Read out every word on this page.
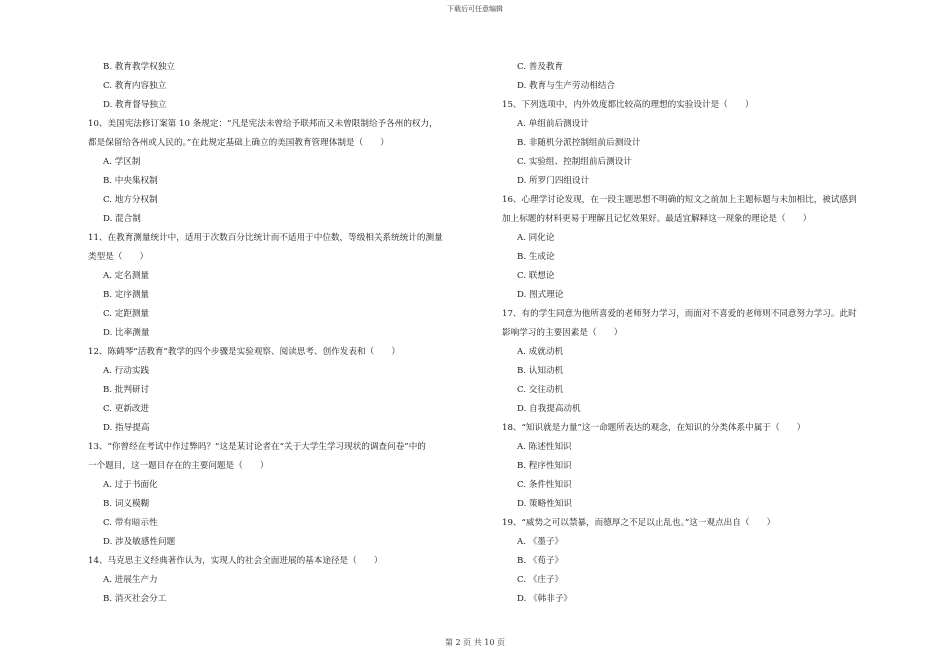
下载后可任意编辑
B. 教育教学权独立
C. 教育内容独立
D. 教育督导独立
10、美国宪法修订案第 10 条规定：“凡是宪法未曾给予联邦而又未曾限制给予各州的权力，
都是保留给各州或人民的。”在此规定基础上确立的美国教育管理体制是（　　）
A. 学区制
B. 中央集权制
C. 地方分权制
D. 混合制
11、在教育测量统计中，适用于次数百分比统计而不适用于中位数，等级相关系统统计的测量
类型是（　　）
A. 定名测量
B. 定序测量
C. 定距测量
D. 比率测量
12、陈鹤琴“活教育”教学的四个步骤是实验观察、阅读思考、创作发表和（　　）
A. 行动实践
B. 批判研讨
C. 更新改进
D. 指导提高
13、“你曾经在考试中作过弊吗？”这是某讨论者在“关于大学生学习现状的调查问卷”中的
一个题目，这一题目存在的主要问题是（　　）
A. 过于书面化
B. 词义模糊
C. 带有暗示性
D. 涉及敏感性问题
14、马克思主义经典著作认为，实现人的社会全面进展的基本途径是（　　）
A. 进展生产力
B. 消灭社会分工
C. 普及教育
D. 教育与生产劳动相结合
15、下列选项中，内外效度都比较高的理想的实验设计是（　　）
A. 单组前后测设计
B. 非随机分派控制组前后测设计
C. 实验组、控制组前后测设计
D. 所罗门四组设计
16、心理学讨论发现，在一段主题思想不明确的短文之前加上主题标题与未加相比，被试感到
加上标题的材料更易于理解且记忆效果好。最适宜解释这一现象的理论是（　　）
A. 同化论
B. 生成论
C. 联想论
D. 图式理论
17、有的学生同意为他所喜爱的老师努力学习，而面对不喜爱的老师则不同意努力学习。此时
影响学习的主要因素是（　　）
A. 成就动机
B. 认知动机
C. 交往动机
D. 自我提高动机
18、“知识就是力量”这一命题所表达的观念，在知识的分类体系中属于（　　）
A. 陈述性知识
B. 程序性知识
C. 条件性知识
D. 策略性知识
19、“威势之可以禁暴，而德厚之不足以止乱也。”这一观点出自（　　）
A. 《墨子》
B. 《荀子》
C. 《庄子》
D. 《韩非子》
第 2 页 共 10 页
